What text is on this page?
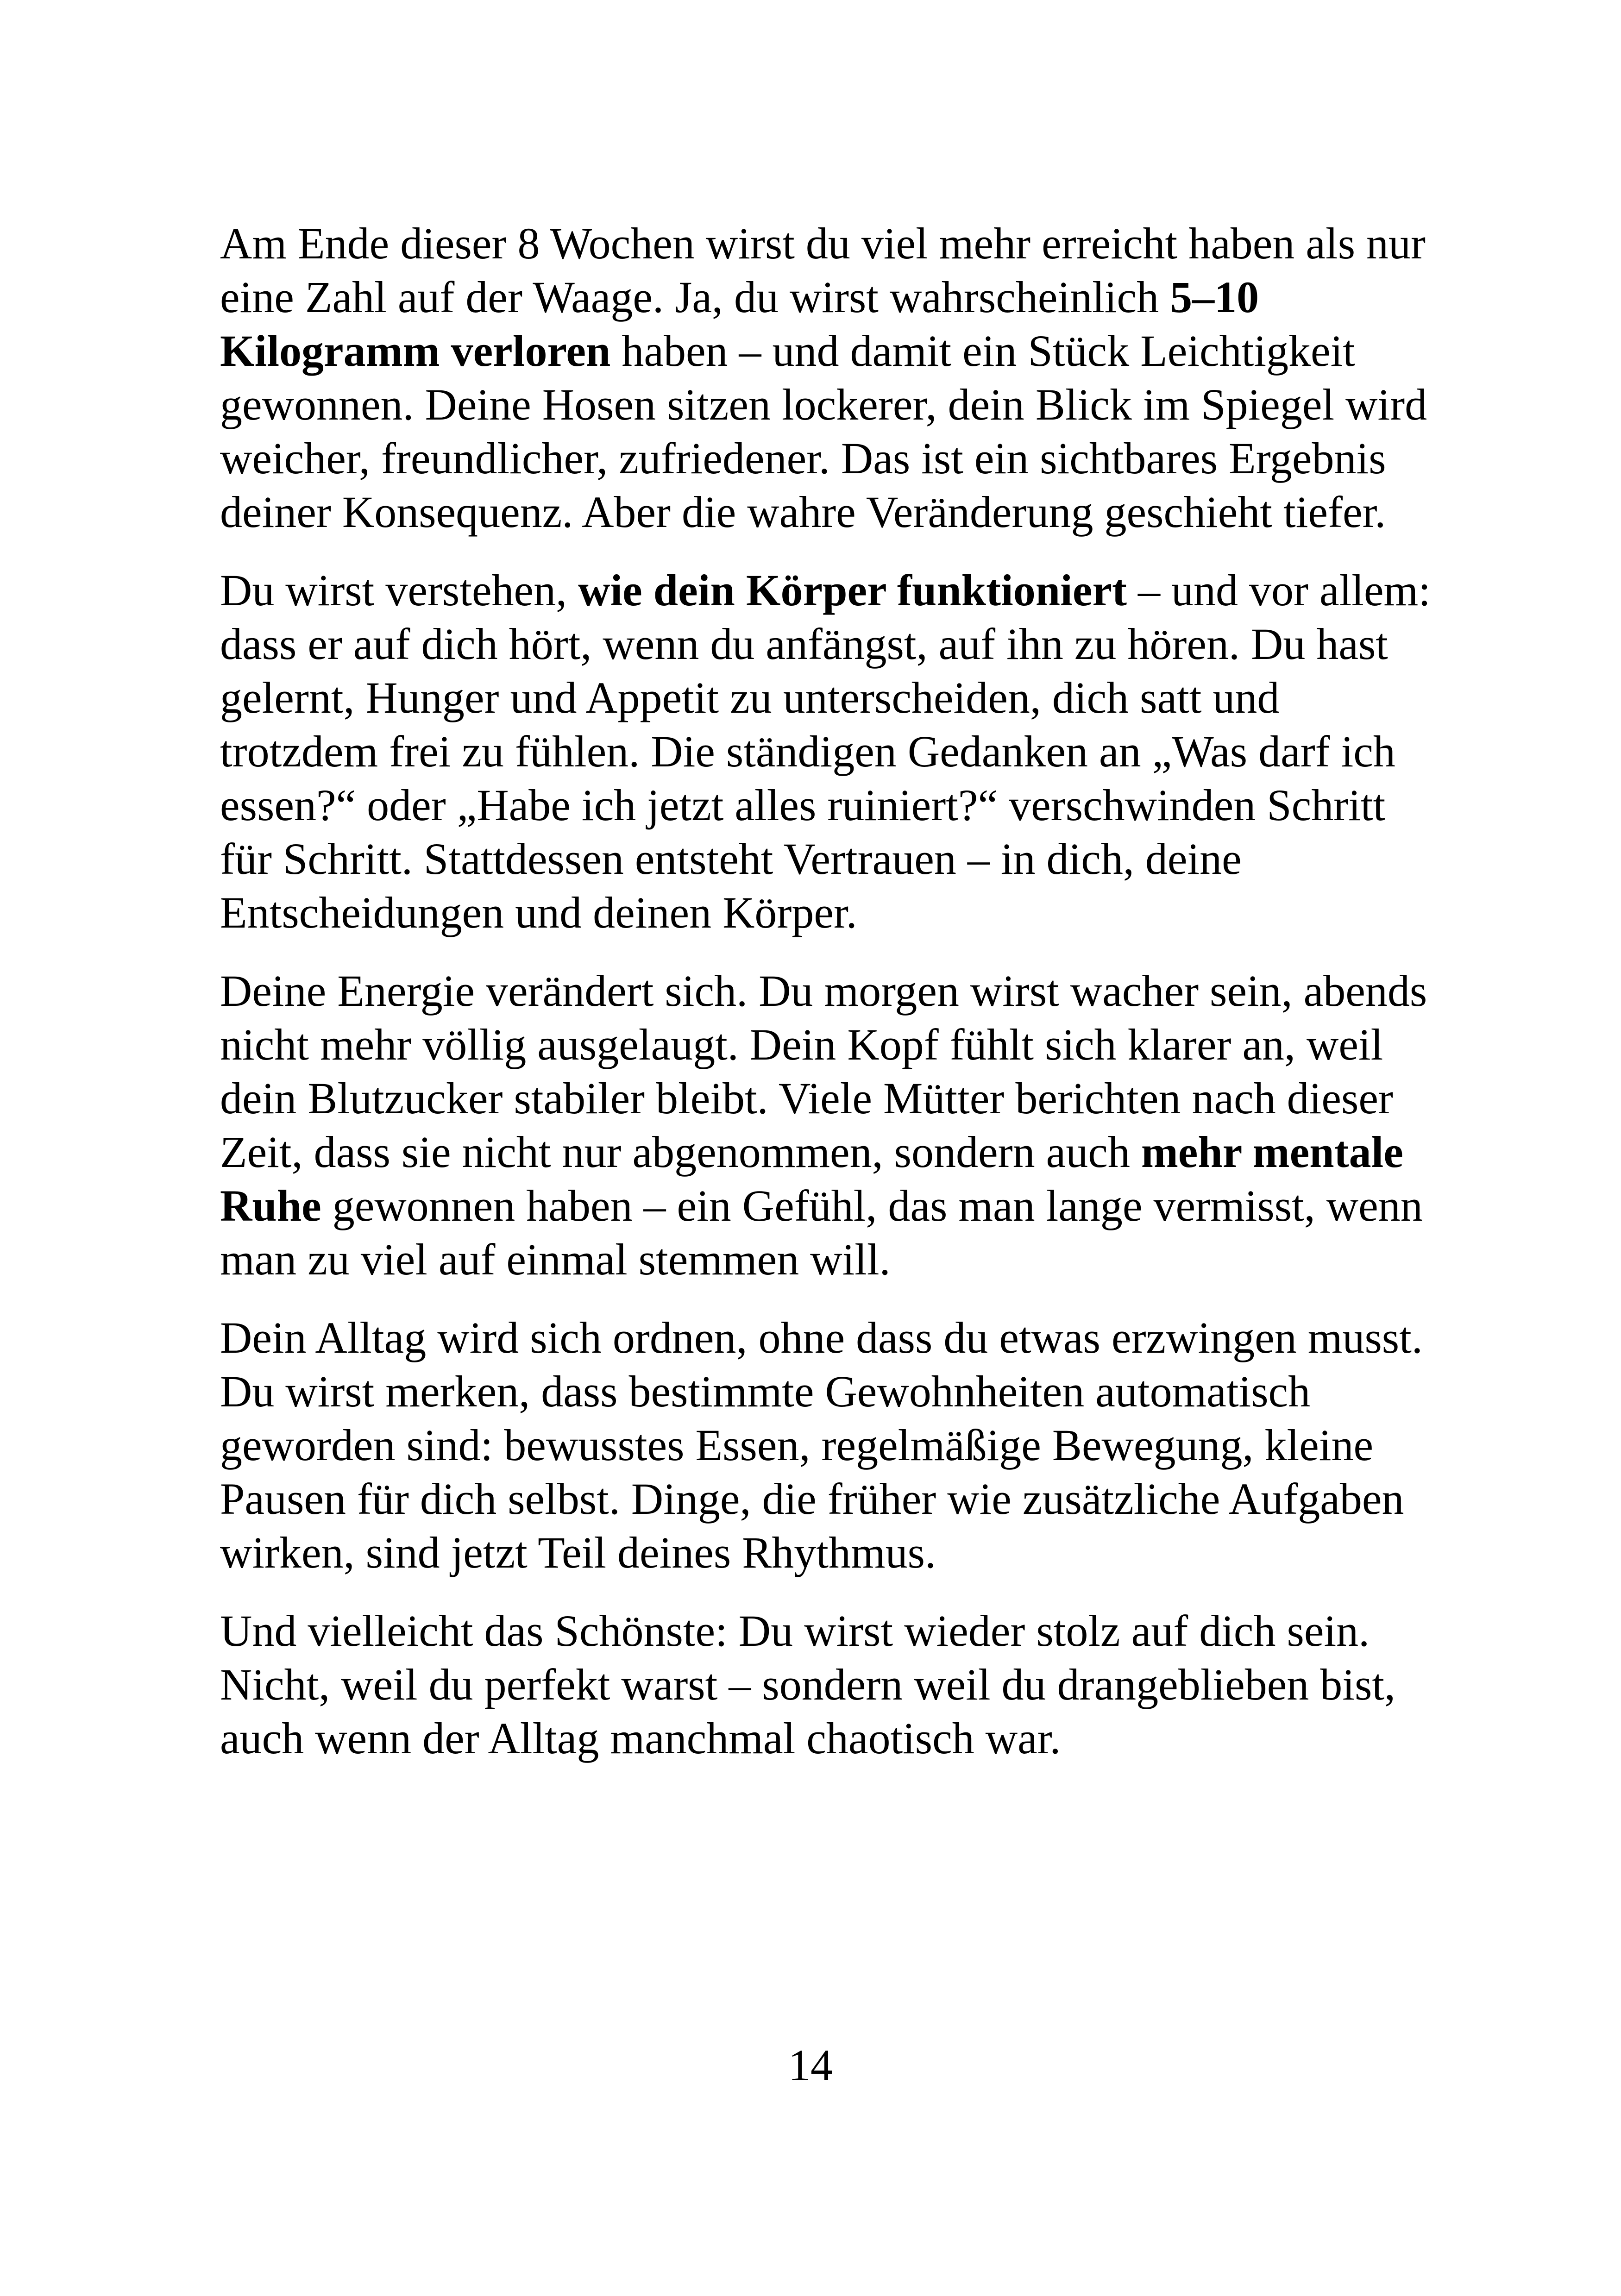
Am Ende dieser 8 Wochen wirst du viel mehr erreicht haben als nur eine Zahl auf der Waage. Ja, du wirst wahrscheinlich 5–10 Kilogramm verloren haben – und damit ein Stück Leichtigkeit gewonnen. Deine Hosen sitzen lockerer, dein Blick im Spiegel wird weicher, freundlicher, zufriedener. Das ist ein sichtbares Ergebnis deiner Konsequenz. Aber die wahre Veränderung geschieht tiefer.

Du wirst verstehen, wie dein Körper funktioniert – und vor allem: dass er auf dich hört, wenn du anfängst, auf ihn zu hören. Du hast gelernt, Hunger und Appetit zu unterscheiden, dich satt und trotzdem frei zu fühlen. Die ständigen Gedanken an „Was darf ich essen?“ oder „Habe ich jetzt alles ruiniert?“ verschwinden Schritt für Schritt. Stattdessen entsteht Vertrauen – in dich, deine Entscheidungen und deinen Körper.

Deine Energie verändert sich. Du morgen wirst wacher sein, abends nicht mehr völlig ausgelaugt. Dein Kopf fühlt sich klarer an, weil dein Blutzucker stabiler bleibt. Viele Mütter berichten nach dieser Zeit, dass sie nicht nur abgenommen, sondern auch mehr mentale Ruhe gewonnen haben – ein Gefühl, das man lange vermisst, wenn man zu viel auf einmal stemmen will.

Dein Alltag wird sich ordnen, ohne dass du etwas erzwingen musst. Du wirst merken, dass bestimmte Gewohnheiten automatisch geworden sind: bewusstes Essen, regelmäßige Bewegung, kleine Pausen für dich selbst. Dinge, die früher wie zusätzliche Aufgaben wirken, sind jetzt Teil deines Rhythmus.

Und vielleicht das Schönste: Du wirst wieder stolz auf dich sein. Nicht, weil du perfekt warst – sondern weil du drangeblieben bist, auch wenn der Alltag manchmal chaotisch war.

14
